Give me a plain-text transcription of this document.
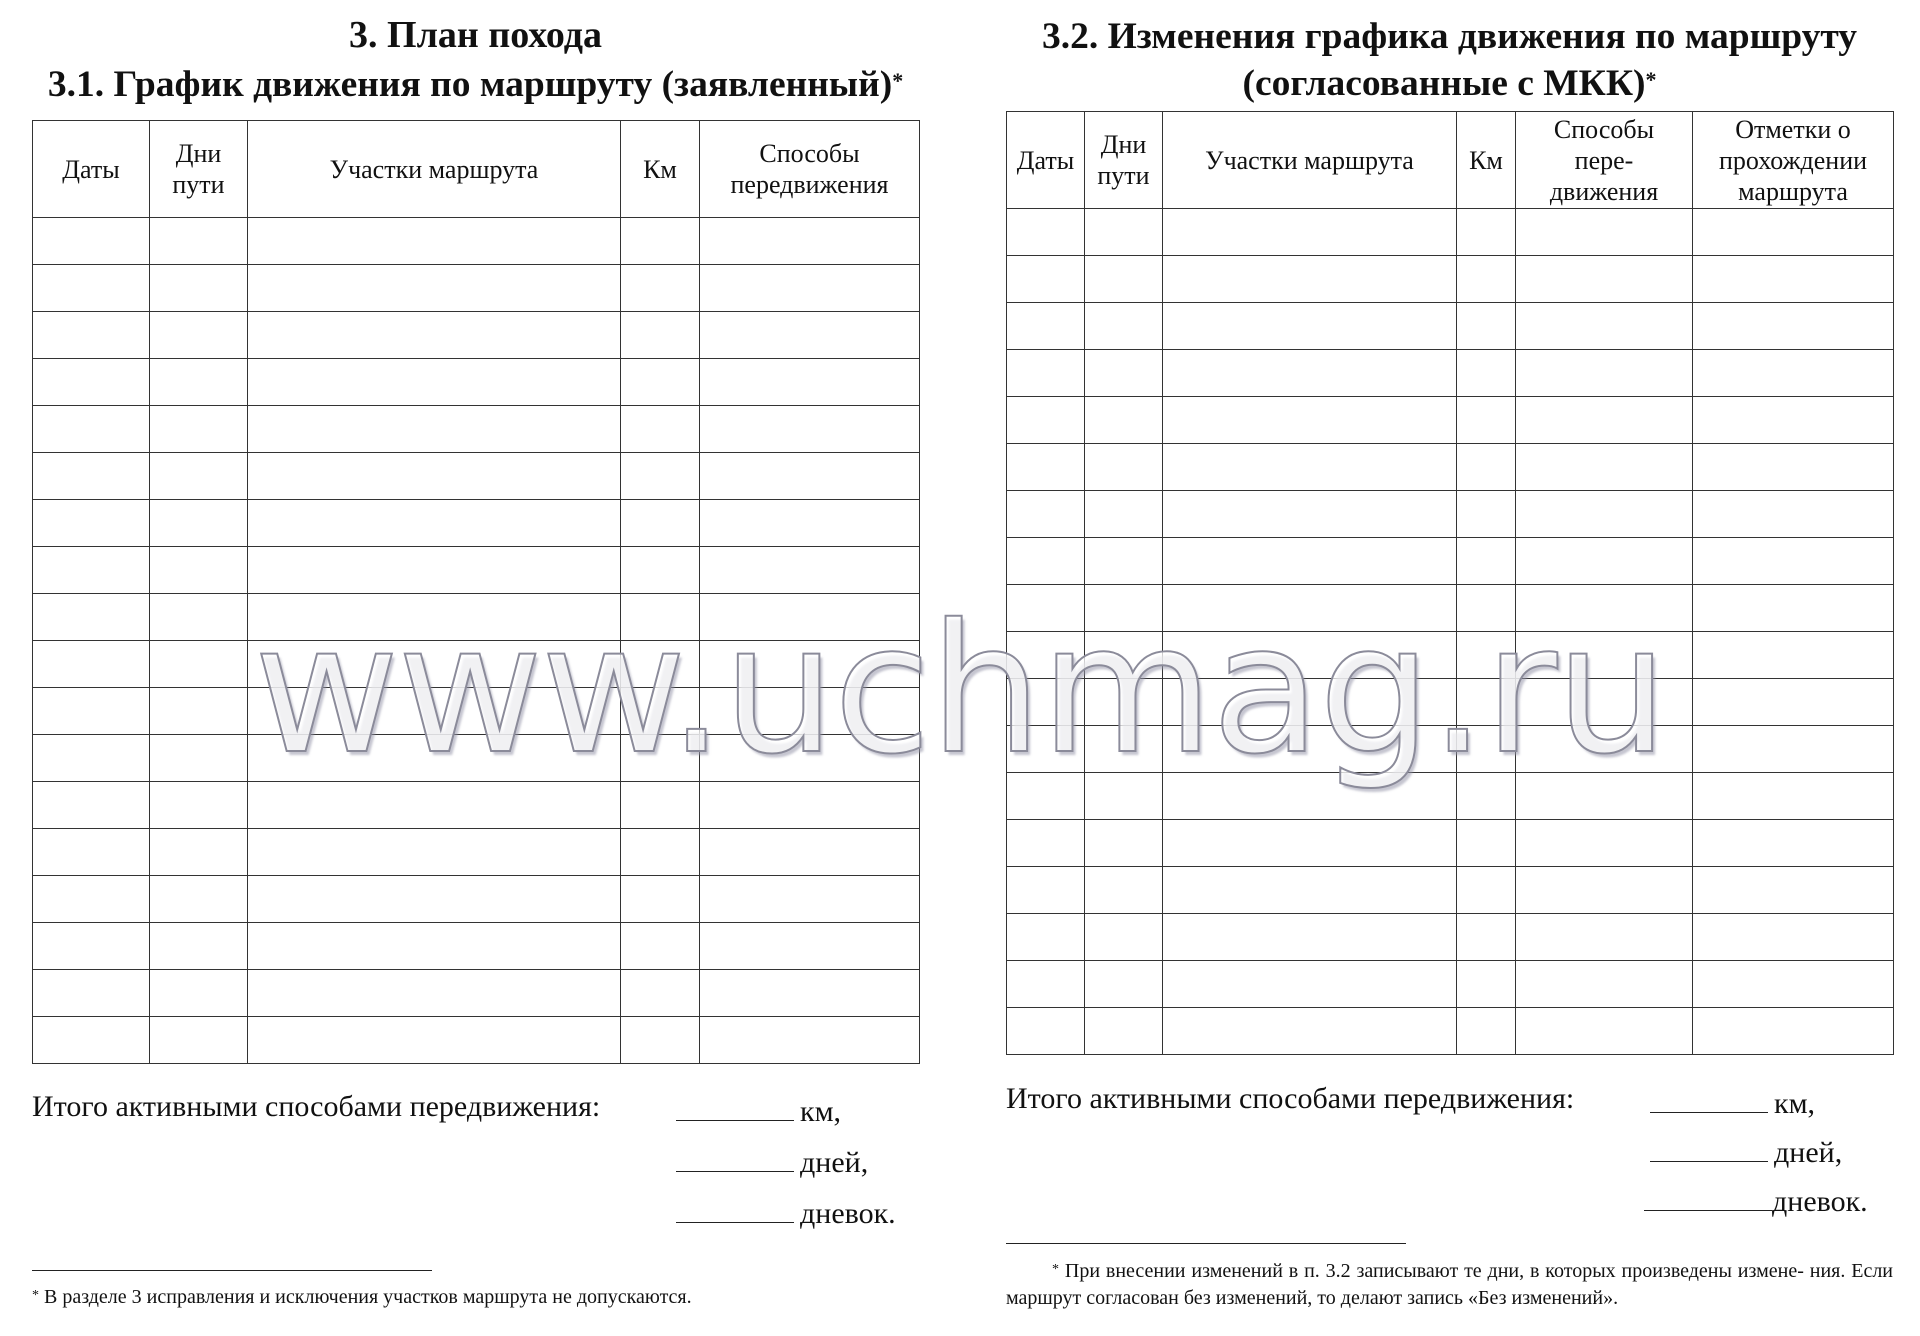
3. План похода
3.1. График движения по маршруту (заявленный)*
Даты	Дни пути	Участки маршрута	Км	Способы передвижения

Итого активными способами передвижения:	км,
дней,
дневок.
* В разделе 3 исправления и исключения участков маршрута не допускаются.
3.2. Изменения графика движения по маршруту
(согласованные с МКК)*
Даты	Дни пути	Участки маршрута	Км	Способы пере- движения	Отметки о прохождении маршрута

Итого активными способами передвижения:	км,
дней,
дневок.
* При внесении изменений в п. 3.2 записывают те дни, в которых произведены измене- ния. Если маршрут согласован без изменений, то делают запись «Без изменений».
www.uchmag.ru
